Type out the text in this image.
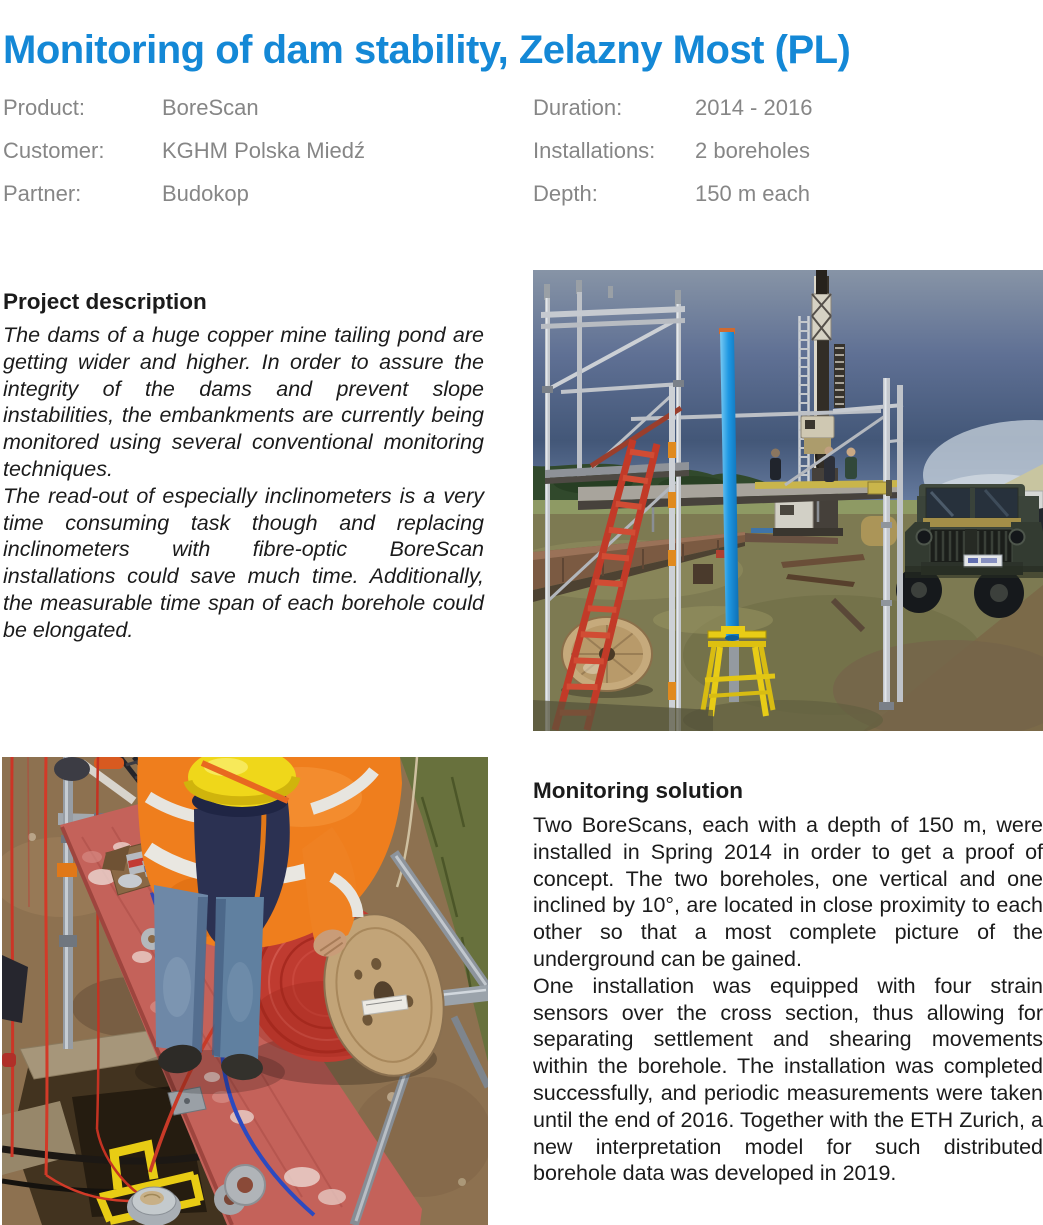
Monitoring of dam stability, Zelazny Most (PL)
Product:	BoreScan
Customer:	KGHM Polska Miedź
Partner:	Budokop
Duration:	2014 - 2016
Installations:	2 boreholes
Depth:	150 m each
Project description

The dams of a huge copper mine tailing pond are getting wider and higher. In order to assure the integrity of the dams and prevent slope instabilities, the embankments are currently being monitored using several conventional monitoring techniques.

The read-out of especially inclinometers is a very time consuming task though and replacing inclinometers with fibre-optic BoreScan installations could save much time. Additionally, the measurable time span of each borehole could be elongated.

Monitoring solution

Two BoreScans, each with a depth of 150 m, were installed in Spring 2014 in order to get a proof of concept. The two boreholes, one vertical and one inclined by 10°, are located in close proximity to each other so that a most complete picture of the underground can be gained.

One installation was equipped with four strain sensors over the cross section, thus allowing for separating settlement and shearing movements within the borehole. The installation was completed successfully, and periodic measurements were taken until the end of 2016. Together with the ETH Zurich, a new interpretation model for such distributed borehole data was developed in 2019.
